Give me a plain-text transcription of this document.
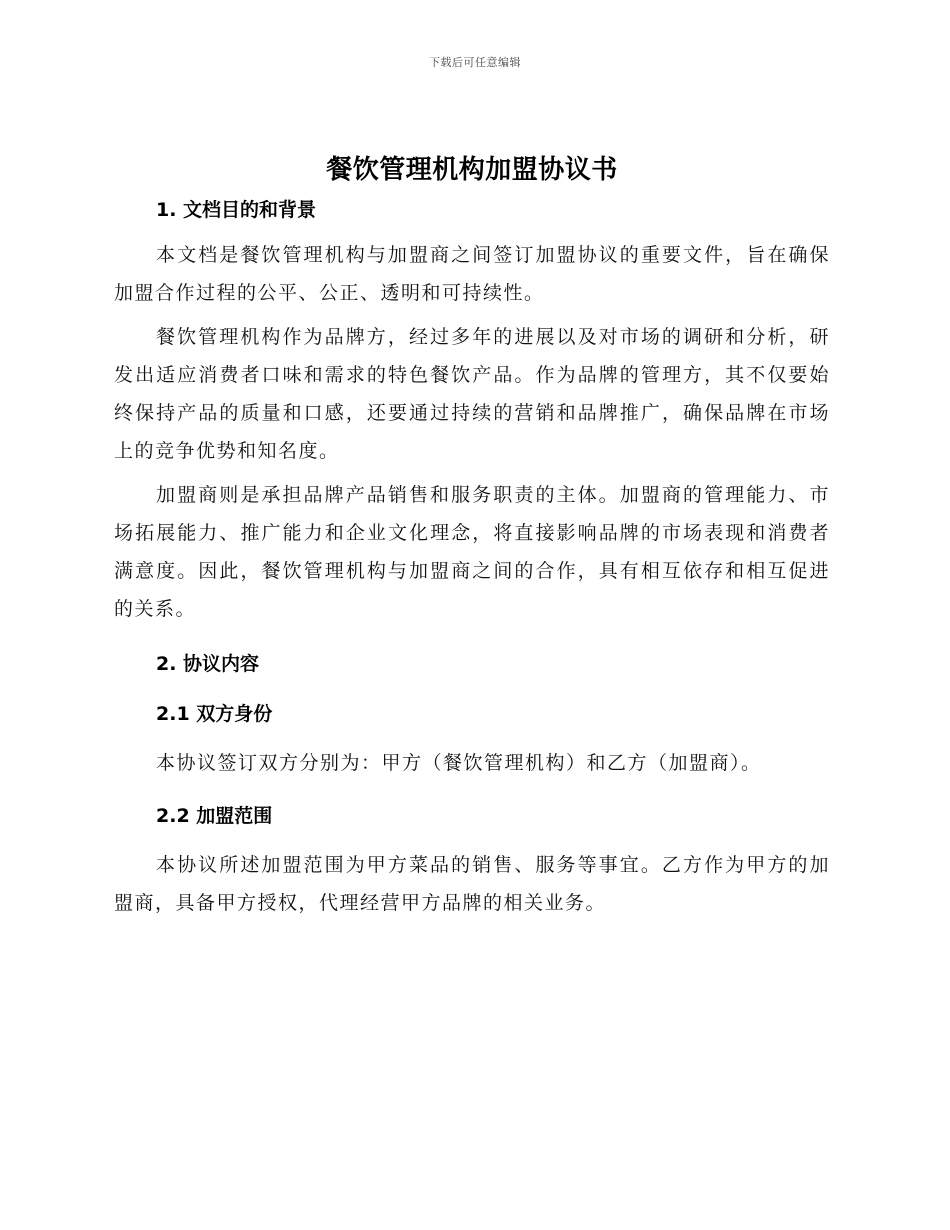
下载后可任意编辑
餐饮管理机构加盟协议书
1. 文档目的和背景

本文档是餐饮管理机构与加盟商之间签订加盟协议的重要文件，旨在确保加盟合作过程的公平、公正、透明和可持续性。

餐饮管理机构作为品牌方，经过多年的进展以及对市场的调研和分析，研发出适应消费者口味和需求的特色餐饮产品。作为品牌的管理方，其不仅要始终保持产品的质量和口感，还要通过持续的营销和品牌推广，确保品牌在市场上的竞争优势和知名度。

加盟商则是承担品牌产品销售和服务职责的主体。加盟商的管理能力、市场拓展能力、推广能力和企业文化理念，将直接影响品牌的市场表现和消费者满意度。因此，餐饮管理机构与加盟商之间的合作，具有相互依存和相互促进的关系。

2. 协议内容
2.1 双方身份

本协议签订双方分别为：甲方（餐饮管理机构）和乙方（加盟商）。

2.2 加盟范围

本协议所述加盟范围为甲方菜品的销售、服务等事宜。乙方作为甲方的加盟商，具备甲方授权，代理经营甲方品牌的相关业务。
